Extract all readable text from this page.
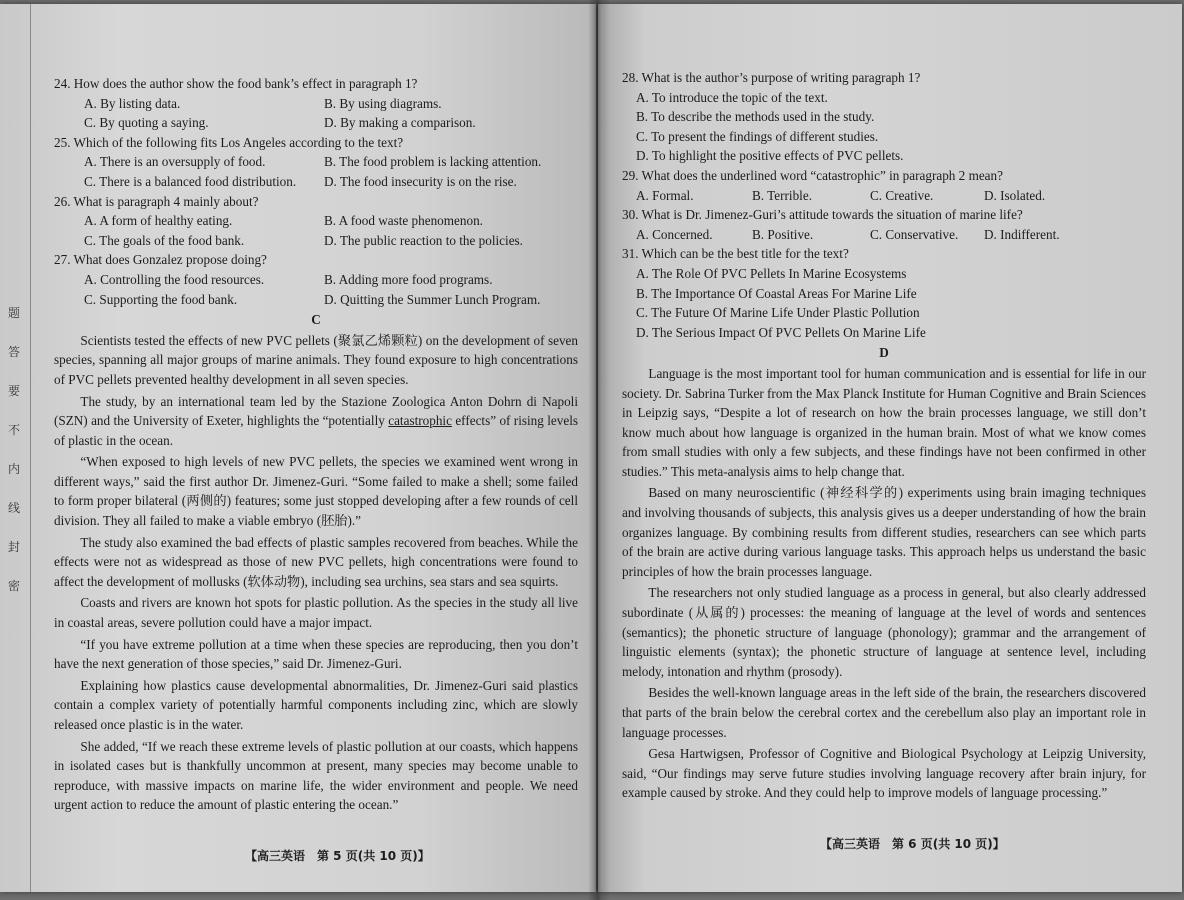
题
答
要
不
内
线
封
密

24. How does the author show the food bank’s effect in paragraph 1?

A. By listing data.	B. By using diagrams.
C. By quoting a saying.	D. By making a comparison.

25. Which of the following fits Los Angeles according to the text?

A. There is an oversupply of food.	B. The food problem is lacking attention.
C. There is a balanced food distribution.	D. The food insecurity is on the rise.

26. What is paragraph 4 mainly about?

A. A form of healthy eating.	B. A food waste phenomenon.
C. The goals of the food bank.	D. The public reaction to the policies.

27. What does Gonzalez propose doing?

A. Controlling the food resources.	B. Adding more food programs.
C. Supporting the food bank.	D. Quitting the Summer Lunch Program.
C

Scientists tested the effects of new PVC pellets (聚氯乙烯颗粒) on the development of seven species, spanning all major groups of marine animals. They found exposure to high concentrations of PVC pellets prevented healthy development in all seven species.

The study, by an international team led by the Stazione Zoologica Anton Dohrn di Napoli (SZN) and the University of Exeter, highlights the “potentially catastrophic effects” of rising levels of plastic in the ocean.

“When exposed to high levels of new PVC pellets, the species we examined went wrong in different ways,” said the first author Dr. Jimenez-Guri. “Some failed to make a shell; some failed to form proper bilateral (两侧的) features; some just stopped developing after a few rounds of cell division. They all failed to make a viable embryo (胚胎).”

The study also examined the bad effects of plastic samples recovered from beaches. While the effects were not as widespread as those of new PVC pellets, high concentrations were found to affect the development of mollusks (软体动物), including sea urchins, sea stars and sea squirts.

Coasts and rivers are known hot spots for plastic pollution. As the species in the study all live in coastal areas, severe pollution could have a major impact.

“If you have extreme pollution at a time when these species are reproducing, then you don’t have the next generation of those species,” said Dr. Jimenez-Guri.

Explaining how plastics cause developmental abnormalities, Dr. Jimenez-Guri said plastics contain a complex variety of potentially harmful components including zinc, which are slowly released once plastic is in the water.

She added, “If we reach these extreme levels of plastic pollution at our coasts, which happens in isolated cases but is thankfully uncommon at present, many species may become unable to reproduce, with massive impacts on marine life, the wider environment and people. We need urgent action to reduce the amount of plastic entering the ocean.”

【高三英语　第 5 页(共 10 页)】

28. What is the author’s purpose of writing paragraph 1?

A. To introduce the topic of the text.
B. To describe the methods used in the study.
C. To present the findings of different studies.
D. To highlight the positive effects of PVC pellets.

29. What does the underlined word “catastrophic” in paragraph 2 mean?

A. Formal.	B. Terrible.	C. Creative.	D. Isolated.

30. What is Dr. Jimenez-Guri’s attitude towards the situation of marine life?

A. Concerned.	B. Positive.	C. Conservative.	D. Indifferent.

31. Which can be the best title for the text?

A. The Role Of PVC Pellets In Marine Ecosystems
B. The Importance Of Coastal Areas For Marine Life
C. The Future Of Marine Life Under Plastic Pollution
D. The Serious Impact Of PVC Pellets On Marine Life
D

Language is the most important tool for human communication and is essential for life in our society. Dr. Sabrina Turker from the Max Planck Institute for Human Cognitive and Brain Sciences in Leipzig says, “Despite a lot of research on how the brain processes language, we still don’t know much about how language is organized in the human brain. Most of what we know comes from small studies with only a few subjects, and these findings have not been confirmed in other studies.” This meta-analysis aims to help change that.

Based on many neuroscientific (神经科学的) experiments using brain imaging techniques and involving thousands of subjects, this analysis gives us a deeper understanding of how the brain organizes language. By combining results from different studies, researchers can see which parts of the brain are active during various language tasks. This approach helps us understand the basic principles of how the brain processes language.

The researchers not only studied language as a process in general, but also clearly addressed subordinate (从属的) processes: the meaning of language at the level of words and sentences (semantics); the phonetic structure of language (phonology); grammar and the arrangement of linguistic elements (syntax); the phonetic structure of language at sentence level, including melody, intonation and rhythm (prosody).

Besides the well-known language areas in the left side of the brain, the researchers discovered that parts of the brain below the cerebral cortex and the cerebellum also play an important role in language processes.

Gesa Hartwigsen, Professor of Cognitive and Biological Psychology at Leipzig University, said, “Our findings may serve future studies involving language recovery after brain injury, for example caused by stroke. And they could help to improve models of language processing.”

【高三英语　第 6 页(共 10 页)】
